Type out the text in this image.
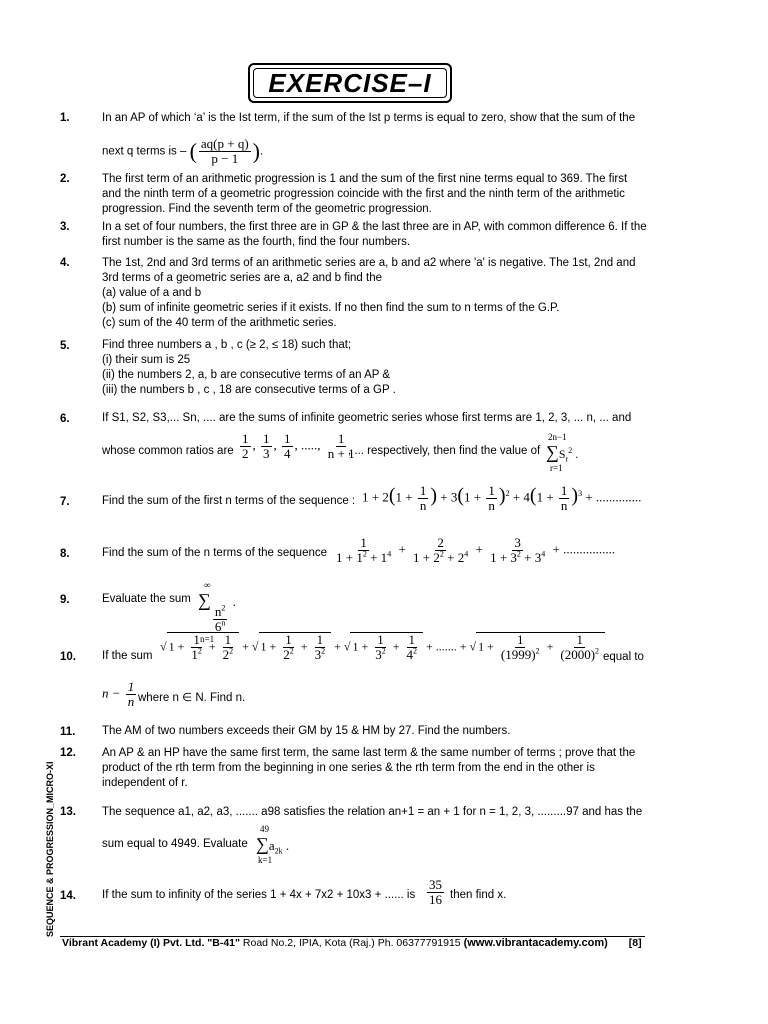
EXERCISE–I
1.	In an AP of which ‘a’ is the Ist term, if the sum of the Ist p terms is equal to zero, show that the sum of the
next q terms is – ( $\frac{aq(p + q)}{p - 1}$ ).
2.	The first term of an arithmetic progression is 1 and the sum of the first nine terms equal to 369. The first and the ninth term of a geometric progression coincide with the first and the ninth term of the arithmetic progression. Find the seventh term of the geometric progression.
3.	In a set of four numbers, the first three are in GP & the last three are in AP, with common difference 6. If the first number is the same as the fourth, find the four numbers.
4.	The 1st, 2nd and 3rd terms of an arithmetic series are a, b and a2 where 'a' is negative. The 1st, 2nd and 3rd terms of a geometric series are a, a2 and b find the
(a) value of a and b
(b) sum of infinite geometric series if it exists. If no then find the sum to n terms of the G.P.
(c) sum of the 40 term of the arithmetic series.
5.	Find three numbers a , b , c (≥ 2, ≤ 18) such that;
(i) their sum is 25
(ii) the numbers 2, a, b are consecutive terms of an AP &
(iii) the numbers b , c , 18 are consecutive terms of a GP .
6.	If S1, S2, S3,... Sn, .... are the sums of infinite geometric series whose first terms are 1, 2, 3, ... n, ... and
whose common ratios are $\frac{1}{2}$ , $\frac{1}{3}$ , $\frac{1}{4}$ , ....., $\frac{1}{n + 1}$
, ... respectively, then find the value of
2n−1
$\sum S_r^2$ .
r=1
7.	Find the sum of the first n terms of the sequence : $1 + 2(1 + \frac{1}{n}$ ) + $3(1 + \frac{1}{n} )^2 + 4(1 + \frac{1}{n} )^3$ + ..............
8.	Find the sum of the n terms of the sequence $\frac{1}{1 + 1^2 + 1^4} + \frac{2}{1 + 2^2 + 2^4} + \frac{3}{1 + 3^2 + 3^4}$ + ................
9.	Evaluate the sum
∞
∑
$\frac{n^2}{6^n}$
.
n=1
10. If the sum
√ $1 + \frac{1}{1^2} + \frac{1}{2^2}$ + √ $1 + \frac{1}{2^2} + \frac{1}{3^2}$ + √ $1 + \frac{1}{3^2} + \frac{1}{4^2}$ + ....... + √ $1 + \frac{1}{(1999)^2} + \frac{1}{(2000)^2}$ equal to
$n - \frac{1}{n}$ where n ∈ N. Find n.
11. The AM of two numbers exceeds their GM by 15 & HM by 27. Find the numbers.
12. An AP & an HP have the same first term, the same last term & the same number of terms ; prove that the product of the rth term from the beginning in one series & the rth term from the end in the other is independent of r.
13. The sequence a1, a2, a3, ....... a98 satisfies the relation an+1 = an + 1 for n = 1, 2, 3, .........97 and has the
sum equal to 4949. Evaluate
49
$\sum a_{2k}$ .
k=1
14. If the sum to infinity of the series 1 + 4x + 7x2 + 10x3 + ...... is $\frac{35}{16}$ then find x.
SEQUENCE & PROGRESSION_MICRO-XI
Vibrant Academy (I) Pvt. Ltd. "B-41" Road No.2, IPIA, Kota (Raj.) Ph. 06377791915 (www.vibrantacademy.com) [8]
